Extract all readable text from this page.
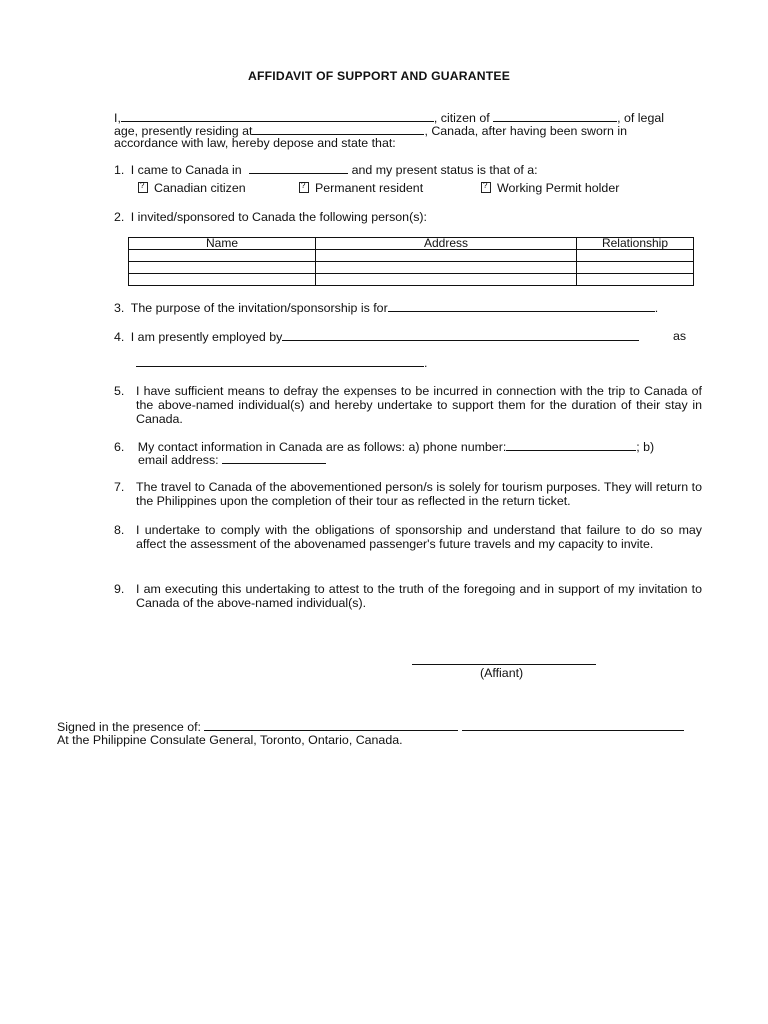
AFFIDAVIT OF SUPPORT AND GUARANTEE
I,	, citizen of	, of legal
age, presently residing at	, Canada, after having been sworn in
accordance with law, hereby depose and state that:
1. I came to Canada in	and my present status is that of a:
?Canadian citizen ?	Permanent resident ?	Working Permit holder
2. I invited/sponsored to Canada the following person(s):
Name	Address	Relationship

3. The purpose of the invitation/sponsorship is for	.
4. I am presently employed by	as
.
5. I have sufficient means to defray the expenses to be incurred in connection with the trip to Canada of the above-named individual(s) and hereby undertake to support them for the duration of their stay in Canada.
6. My contact information in Canada are as follows: a) phone number:	; b)
email address:
7. The travel to Canada of the abovementioned person/s is solely for tourism purposes. They will return to the Philippines upon the completion of their tour as reflected in the return ticket.
8. I undertake to comply with the obligations of sponsorship and understand that failure to do so may affect the assessment of the abovenamed passenger's future travels and my capacity to invite.
9. I am executing this undertaking to attest to the truth of the foregoing and in support of my invitation to Canada of the above-named individual(s).
(Affiant)
Signed in the presence of:
At the Philippine Consulate General, Toronto, Ontario, Canada.
